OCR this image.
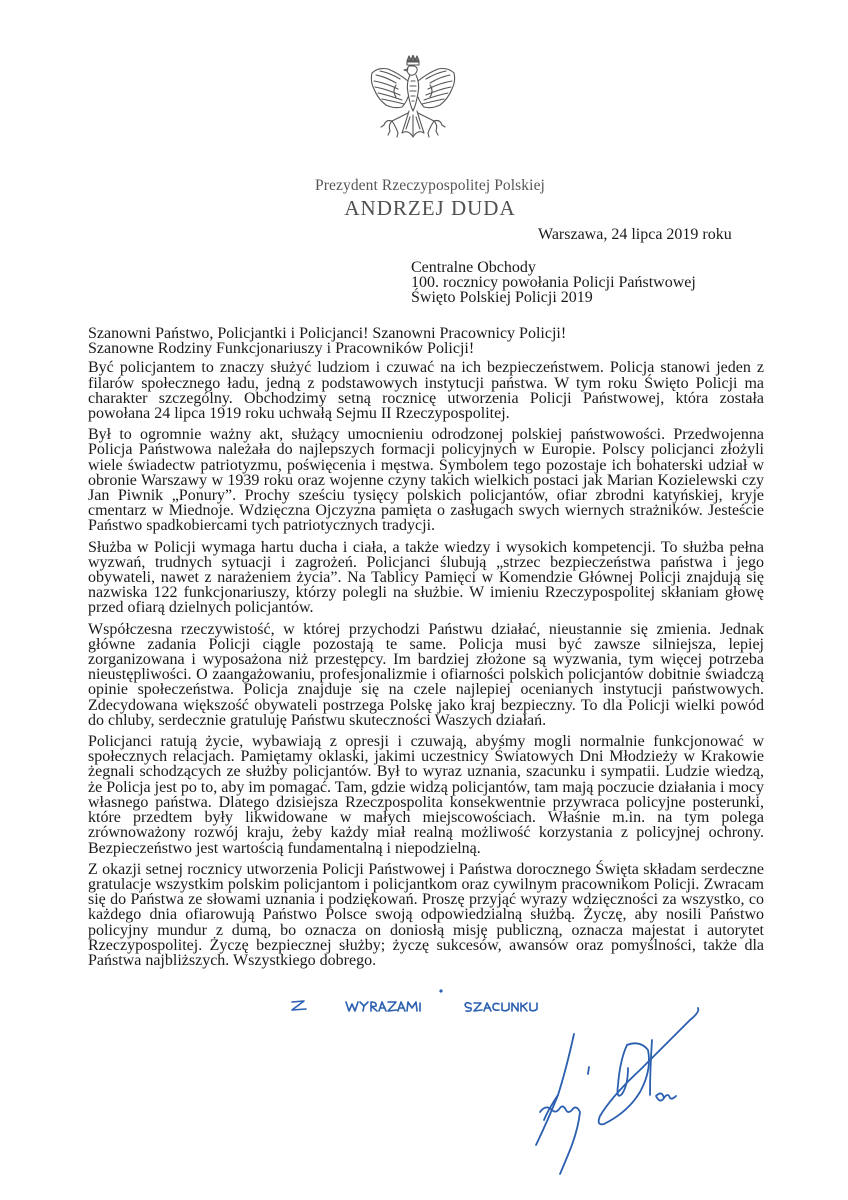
Prezydent Rzeczypospolitej Polskiej
ANDRZEJ DUDA
Warszawa, 24 lipca 2019 roku
Centralne Obchody
100. rocznicy powołania Policji Państwowej
Święto Polskiej Policji 2019
Szanowni Państwo, Policjantki i Policjanci! Szanowni Pracownicy Policji!
Szanowne Rodziny Funkcjonariuszy i Pracowników Policji!

Być policjantem to znaczy służyć ludziom i czuwać na ich bezpieczeństwem. Policja stanowi jeden z filarów społecznego ładu, jedną z podstawowych instytucji państwa. W tym roku Święto Policji ma charakter szczególny. Obchodzimy setną rocznicę utworzenia Policji Państwowej, która została powołana 24 lipca 1919 roku uchwałą Sejmu II Rzeczypospolitej.

Był to ogromnie ważny akt, służący umocnieniu odrodzonej polskiej państwowości. Przedwojenna Policja Państwowa należała do najlepszych formacji policyjnych w Europie. Polscy policjanci złożyli wiele świadectw patriotyzmu, poświęcenia i męstwa. Symbolem tego pozostaje ich bohaterski udział w obronie Warszawy w 1939 roku oraz wojenne czyny takich wielkich postaci jak Marian Kozielewski czy Jan Piwnik „Ponury”. Prochy sześciu tysięcy polskich policjantów, ofiar zbrodni katyńskiej, kryje cmentarz w Miednoje. Wdzięczna Ojczyzna pamięta o zasługach swych wiernych strażników. Jesteście Państwo spadkobiercami tych patriotycznych tradycji.

Służba w Policji wymaga hartu ducha i ciała, a także wiedzy i wysokich kompetencji. To służba pełna wyzwań, trudnych sytuacji i zagrożeń. Policjanci ślubują „strzec bezpieczeństwa państwa i jego obywateli, nawet z narażeniem życia”. Na Tablicy Pamięci w Komendzie Głównej Policji znajdują się nazwiska 122 funkcjonariuszy, którzy polegli na służbie. W imieniu Rzeczypospolitej skłaniam głowę przed ofiarą dzielnych policjantów.

Współczesna rzeczywistość, w której przychodzi Państwu działać, nieustannie się zmienia. Jednak główne zadania Policji ciągle pozostają te same. Policja musi być zawsze silniejsza, lepiej zorganizowana i wyposażona niż przestępcy. Im bardziej złożone są wyzwania, tym więcej potrzeba nieustępliwości. O zaangażowaniu, profesjonalizmie i ofiarności polskich policjantów dobitnie świadczą opinie społeczeństwa. Policja znajduje się na czele najlepiej ocenianych instytucji państwowych. Zdecydowana większość obywateli postrzega Polskę jako kraj bezpieczny. To dla Policji wielki powód do chluby, serdecznie gratuluję Państwu skuteczności Waszych działań.

Policjanci ratują życie, wybawiają z opresji i czuwają, abyśmy mogli normalnie funkcjonować w społecznych relacjach. Pamiętamy oklaski, jakimi uczestnicy Światowych Dni Młodzieży w Krakowie żegnali schodzących ze służby policjantów. Był to wyraz uznania, szacunku i sympatii. Ludzie wiedzą, że Policja jest po to, aby im pomagać. Tam, gdzie widzą policjantów, tam mają poczucie działania i mocy własnego państwa. Dlatego dzisiejsza Rzeczpospolita konsekwentnie przywraca policyjne posterunki, które przedtem były likwidowane w małych miejscowościach. Właśnie m.in. na tym polega zrównoważony rozwój kraju, żeby każdy miał realną możliwość korzystania z policyjnej ochrony. Bezpieczeństwo jest wartością fundamentalną i niepodzielną.

Z okazji setnej rocznicy utworzenia Policji Państwowej i Państwa dorocznego Święta składam serdeczne gratulacje wszystkim polskim policjantom i policjantkom oraz cywilnym pracownikom Policji. Zwracam się do Państwa ze słowami uznania i podziękowań. Proszę przyjąć wyrazy wdzięczności za wszystko, co każdego dnia ofiarowują Państwo Polsce swoją odpowiedzialną służbą. Życzę, aby nosili Państwo policyjny mundur z dumą, bo oznacza on doniosłą misję publiczną, oznacza majestat i autorytet Rzeczypospolitej. Życzę bezpiecznej służby; życzę sukcesów, awansów oraz pomyślności, także dla Państwa najbliższych. Wszystkiego dobrego.
